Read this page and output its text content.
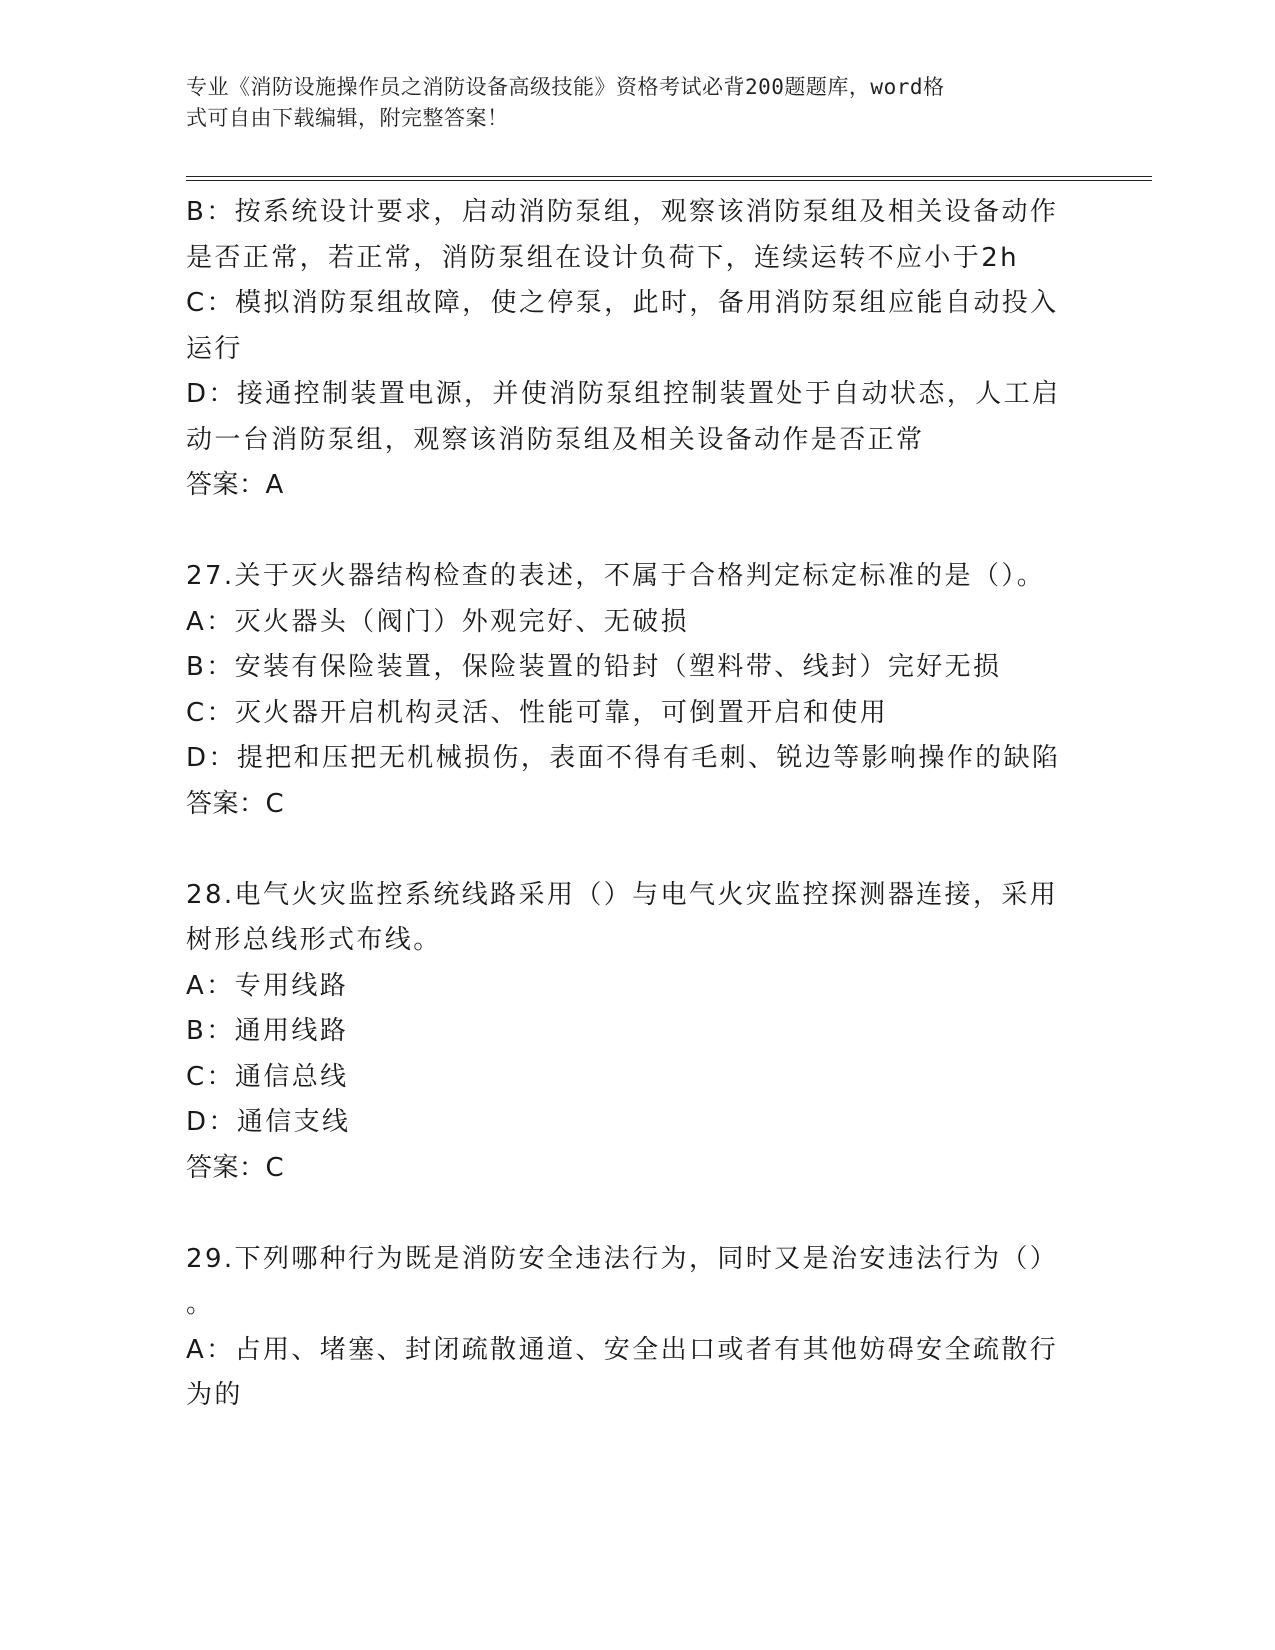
专业《消防设施操作员之消防设备高级技能》资格考试必背200题题库，word格
式可自由下载编辑，附完整答案！
B：按系统设计要求，启动消防泵组，观察该消防泵组及相关设备动作
是否正常，若正常，消防泵组在设计负荷下，连续运转不应小于2h
C：模拟消防泵组故障，使之停泵，此时，备用消防泵组应能自动投入
运行
D：接通控制装置电源，并使消防泵组控制装置处于自动状态，人工启
动一台消防泵组，观察该消防泵组及相关设备动作是否正常
答案：A
27.关于灭火器结构检查的表述，不属于合格判定标定标准的是（）。
A：灭火器头（阀门）外观完好、无破损
B：安装有保险装置，保险装置的铅封（塑料带、线封）完好无损
C：灭火器开启机构灵活、性能可靠，可倒置开启和使用
D：提把和压把无机械损伤，表面不得有毛刺、锐边等影响操作的缺陷
答案：C
28.电气火灾监控系统线路采用（）与电气火灾监控探测器连接，采用
树形总线形式布线。
A：专用线路
B：通用线路
C：通信总线
D：通信支线
答案：C
29.下列哪种行为既是消防安全违法行为，同时又是治安违法行为（）
。
A：占用、堵塞、封闭疏散通道、安全出口或者有其他妨碍安全疏散行
为的
